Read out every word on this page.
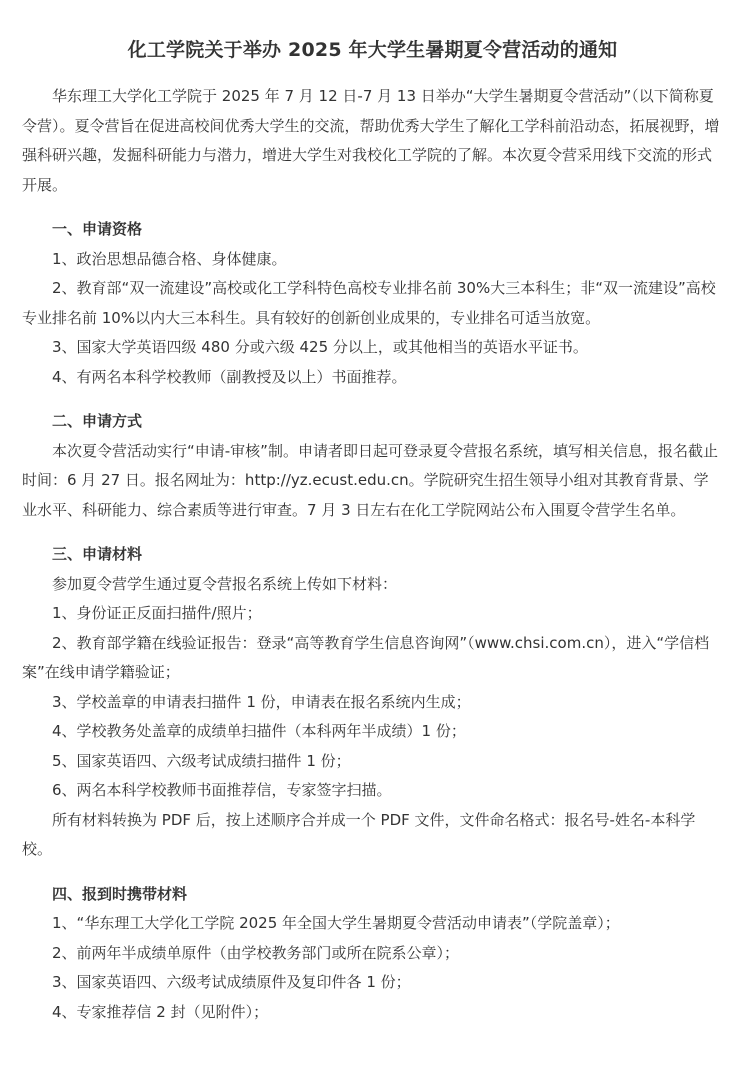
化工学院关于举办 2025 年大学生暑期夏令营活动的通知

华东理工大学化工学院于 2025 年 7 月 12 日-7 月 13 日举办“大学生暑期夏令营活动”（以下简称夏令营）。夏令营旨在促进高校间优秀大学生的交流，帮助优秀大学生了解化工学科前沿动态，拓展视野，增强科研兴趣，发掘科研能力与潜力，增进大学生对我校化工学院的了解。本次夏令营采用线下交流的形式开展。

一、申请资格

1、政治思想品德合格、身体健康。

2、教育部“双一流建设”高校或化工学科特色高校专业排名前 30%大三本科生；非“双一流建设”高校专业排名前 10%以内大三本科生。具有较好的创新创业成果的，专业排名可适当放宽。

3、国家大学英语四级 480 分或六级 425 分以上，或其他相当的英语水平证书。

4、有两名本科学校教师（副教授及以上）书面推荐。

二、申请方式

本次夏令营活动实行“申请-审核”制。申请者即日起可登录夏令营报名系统，填写相关信息，报名截止时间：6 月 27 日。报名网址为：http://yz.ecust.edu.cn。学院研究生招生领导小组对其教育背景、学业水平、科研能力、综合素质等进行审查。7 月 3 日左右在化工学院网站公布入围夏令营学生名单。

三、申请材料

参加夏令营学生通过夏令营报名系统上传如下材料：

1、身份证正反面扫描件/照片；

2、教育部学籍在线验证报告：登录“高等教育学生信息咨询网”（www.chsi.com.cn），进入“学信档案”在线申请学籍验证；

3、学校盖章的申请表扫描件 1 份，申请表在报名系统内生成；

4、学校教务处盖章的成绩单扫描件（本科两年半成绩）1 份；

5、国家英语四、六级考试成绩扫描件 1 份；

6、两名本科学校教师书面推荐信，专家签字扫描。

所有材料转换为 PDF 后，按上述顺序合并成一个 PDF 文件，文件命名格式：报名号-姓名-本科学校。

四、报到时携带材料

1、“华东理工大学化工学院 2025 年全国大学生暑期夏令营活动申请表”（学院盖章）；

2、前两年半成绩单原件（由学校教务部门或所在院系公章）；

3、国家英语四、六级考试成绩原件及复印件各 1 份；

4、专家推荐信 2 封（见附件）；
